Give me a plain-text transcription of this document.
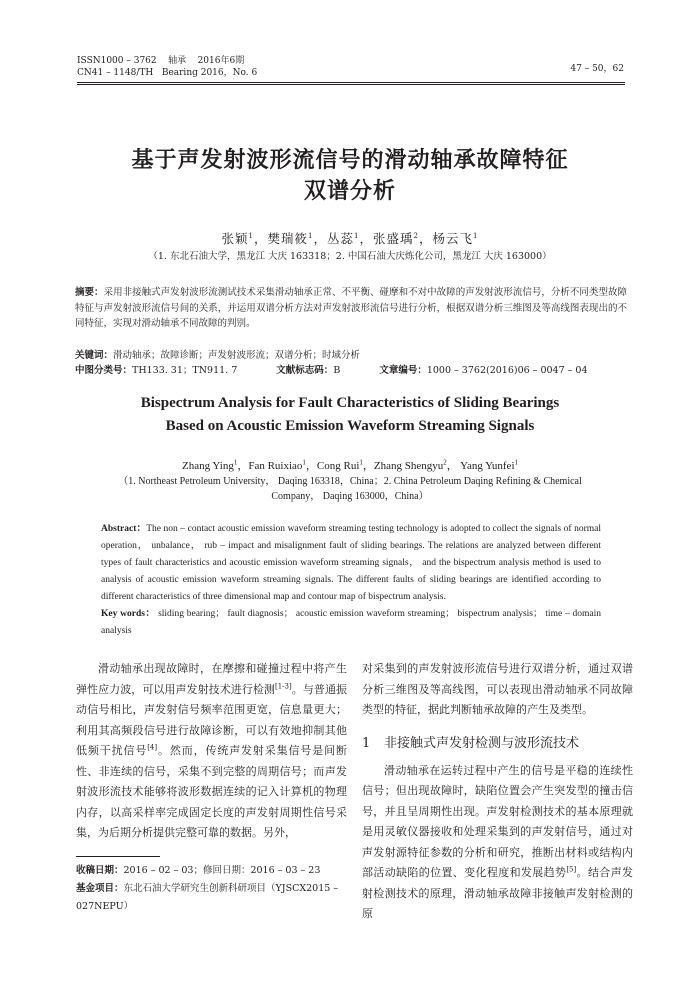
ISSN1000 – 3762 轴承 2016年6期
CN41 – 1148/TH Bearing 2016，No. 6	47 – 50，62
基于声发射波形流信号的滑动轴承故障特征
双谱分析
张颖$^1$，樊瑞筱$^1$，丛蕊$^1$，张盛瑀$^2$，杨云飞$^1$
（1. 东北石油大学，黑龙江 大庆 163318；2. 中国石油大庆炼化公司，黑龙江 大庆 163000）
摘要：采用非接触式声发射波形流测试技术采集滑动轴承正常、不平衡、碰摩和不对中故障的声发射波形流信号，分析不同类型故障特征与声发射波形流信号间的关系，并运用双谱分析方法对声发射波形流信号进行分析，根据双谱分析三维图及等高线图表现出的不同特征，实现对滑动轴承不同故障的判别。
关键词：滑动轴承；故障诊断；声发射波形流；双谱分析；时域分析
中图分类号：TH133. 31；TN911. 7	文献标志码：B	文章编号：1000 – 3762(2016)06 – 0047 – 04
Bispectrum Analysis for Fault Characteristics of Sliding Bearings
Based on Acoustic Emission Waveform Streaming Signals
Zhang Ying$^1$，Fan Ruixiao$^1$，Cong Rui$^1$，Zhang Shengyu$^2$， Yang Yunfei$^1$
（1. Northeast Petroleum University， Daqing 163318，China；2. China Petroleum Daqing Refining & Chemical Company， Daqing 163000，China）
Abstract：The non – contact acoustic emission waveform streaming testing technology is adopted to collect the signals of normal operation， unbalance， rub – impact and misalignment fault of sliding bearings. The relations are analyzed between different types of fault characteristics and acoustic emission waveform streaming signals， and the bispectrum analysis method is used to analysis of acoustic emission waveform streaming signals. The different faults of sliding bearings are identified according to different characteristics of three dimensional map and contour map of bispectrum analysis.
Key words： sliding bearing； fault diagnosis； acoustic emission waveform streaming； bispectrum analysis； time – domain analysis
滑动轴承出现故障时，在摩擦和碰撞过程中将产生弹性应力波，可以用声发射技术进行检测[1-3]。与普通振动信号相比，声发射信号频率范围更宽，信息量更大；利用其高频段信号进行故障诊断，可以有效地抑制其他低频干扰信号[4]。然而，传统声发射采集信号是间断性、非连续的信号，采集不到完整的周期信号；而声发射波形流技术能够将波形数据连续的记入计算机的物理内存，以高采样率完成固定长度的声发射周期性信号采集，为后期分析提供完整可靠的数据。另外，
对采集到的声发射波形流信号进行双谱分析，通过双谱分析三维图及等高线图，可以表现出滑动轴承不同故障类型的特征，据此判断轴承故障的产生及类型。
1 非接触式声发射检测与波形流技术
滑动轴承在运转过程中产生的信号是平稳的连续性信号；但出现故障时，缺陷位置会产生突发型的撞击信号，并且呈周期性出现。声发射检测技术的基本原理就是用灵敏仪器接收和处理采集到的声发射信号，通过对声发射源特征参数的分析和研究，推断出材料或结构内部活动缺陷的位置、变化程度和发展趋势[5]。结合声发射检测技术的原理，滑动轴承故障非接触声发射检测的原
收稿日期：2016 – 02 – 03；修回日期：2016 – 03 – 23
基金项目：东北石油大学研究生创新科研项目（YJSCX2015 – 027NEPU）
